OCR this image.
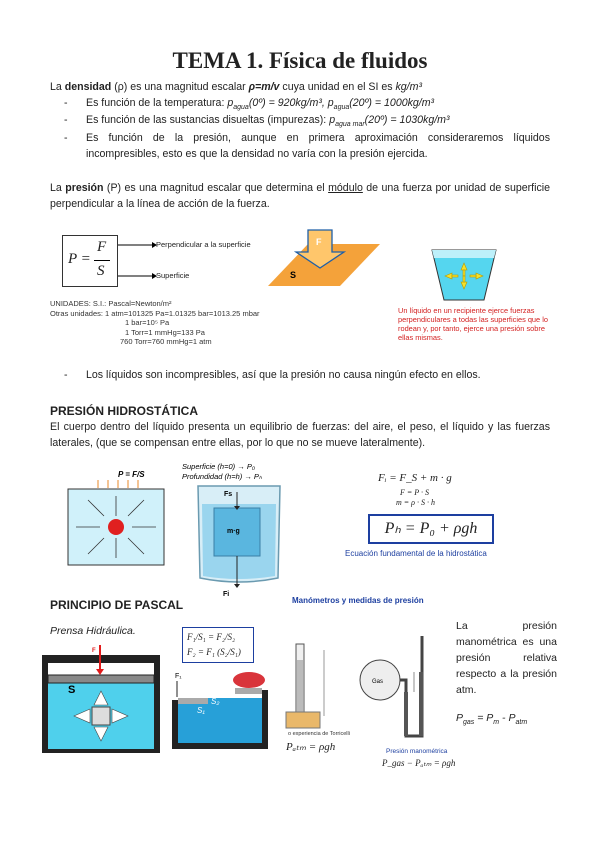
TEMA 1. Física de fluidos
La densidad (ρ) es una magnitud escalar ρ=m/v cuya unidad en el SI es kg/m³
- Es función de la temperatura: $p_{agua}(0º) = 920kg/m^3$, $p_{agua}(20º) = 1000kg/m^3$
- Es función de las sustancias disueltas (impurezas): $p_{agua mar}(20º) = 1030kg/m^3$
- Es función de la presión, aunque en primera aproximación consideraremos líquidos incompresibles, esto es que la densidad no varía con la presión ejercida.
La presión (P) es una magnitud escalar que determina el módulo de una fuerza por unidad de superficie perpendicular a la línea de acción de la fuerza.
P =
F
S
Perpendicular a la superficie
Superficie
F
S
UNIDADES: S.I.: Pascal=Newton/m²
Otras unidades: 1 atm=101325 Pa=1.01325 bar=1013.25 mbar
1 bar=10⁵ Pa
1 Torr=1 mmHg=133 Pa
760 Torr=760 mmHg=1 atm
Un líquido en un recipiente ejerce fuerzas perpendiculares a todas las superficies que lo rodean y, por tanto, ejerce una presión sobre ellas mismas.
- Los líquidos son incompresibles, así que la presión no causa ningún efecto en ellos.
PRESIÓN HIDROSTÁTICA
El cuerpo dentro del líquido presenta un equilibrio de fuerzas: del aire, el peso, el líquido y las fuerzas laterales, (que se compensan entre ellas, por lo que no se mueve lateralmente).
P = F/S
Superficie (h=0) → P₀
Profundidad (h=h) → Pₕ
Fs
m·g
Fi
Fᵢ = F_S + m · g
F = P · S
m = ρ · S · h
Pₕ = P₀ + ρgh
Ecuación fundamental de la hidrostática
PRINCIPIO DE PASCAL	Manómetros y medidas de presión
Prensa Hidráulica.
F
S
F₁/S₁ = F₂/S₂
F₂ = F₁ (S₂/S₁)
F₁
S₁
S₂
o experiencia de Torricelli
Pₐₜₘ = ρgh
Gas
Presión manométrica
P_gas − Pₐₜₘ = ρgh
La presión manométrica es una presión relativa respecto a la presión atm.
$P_{gas} = P_m - P_{atm}$
